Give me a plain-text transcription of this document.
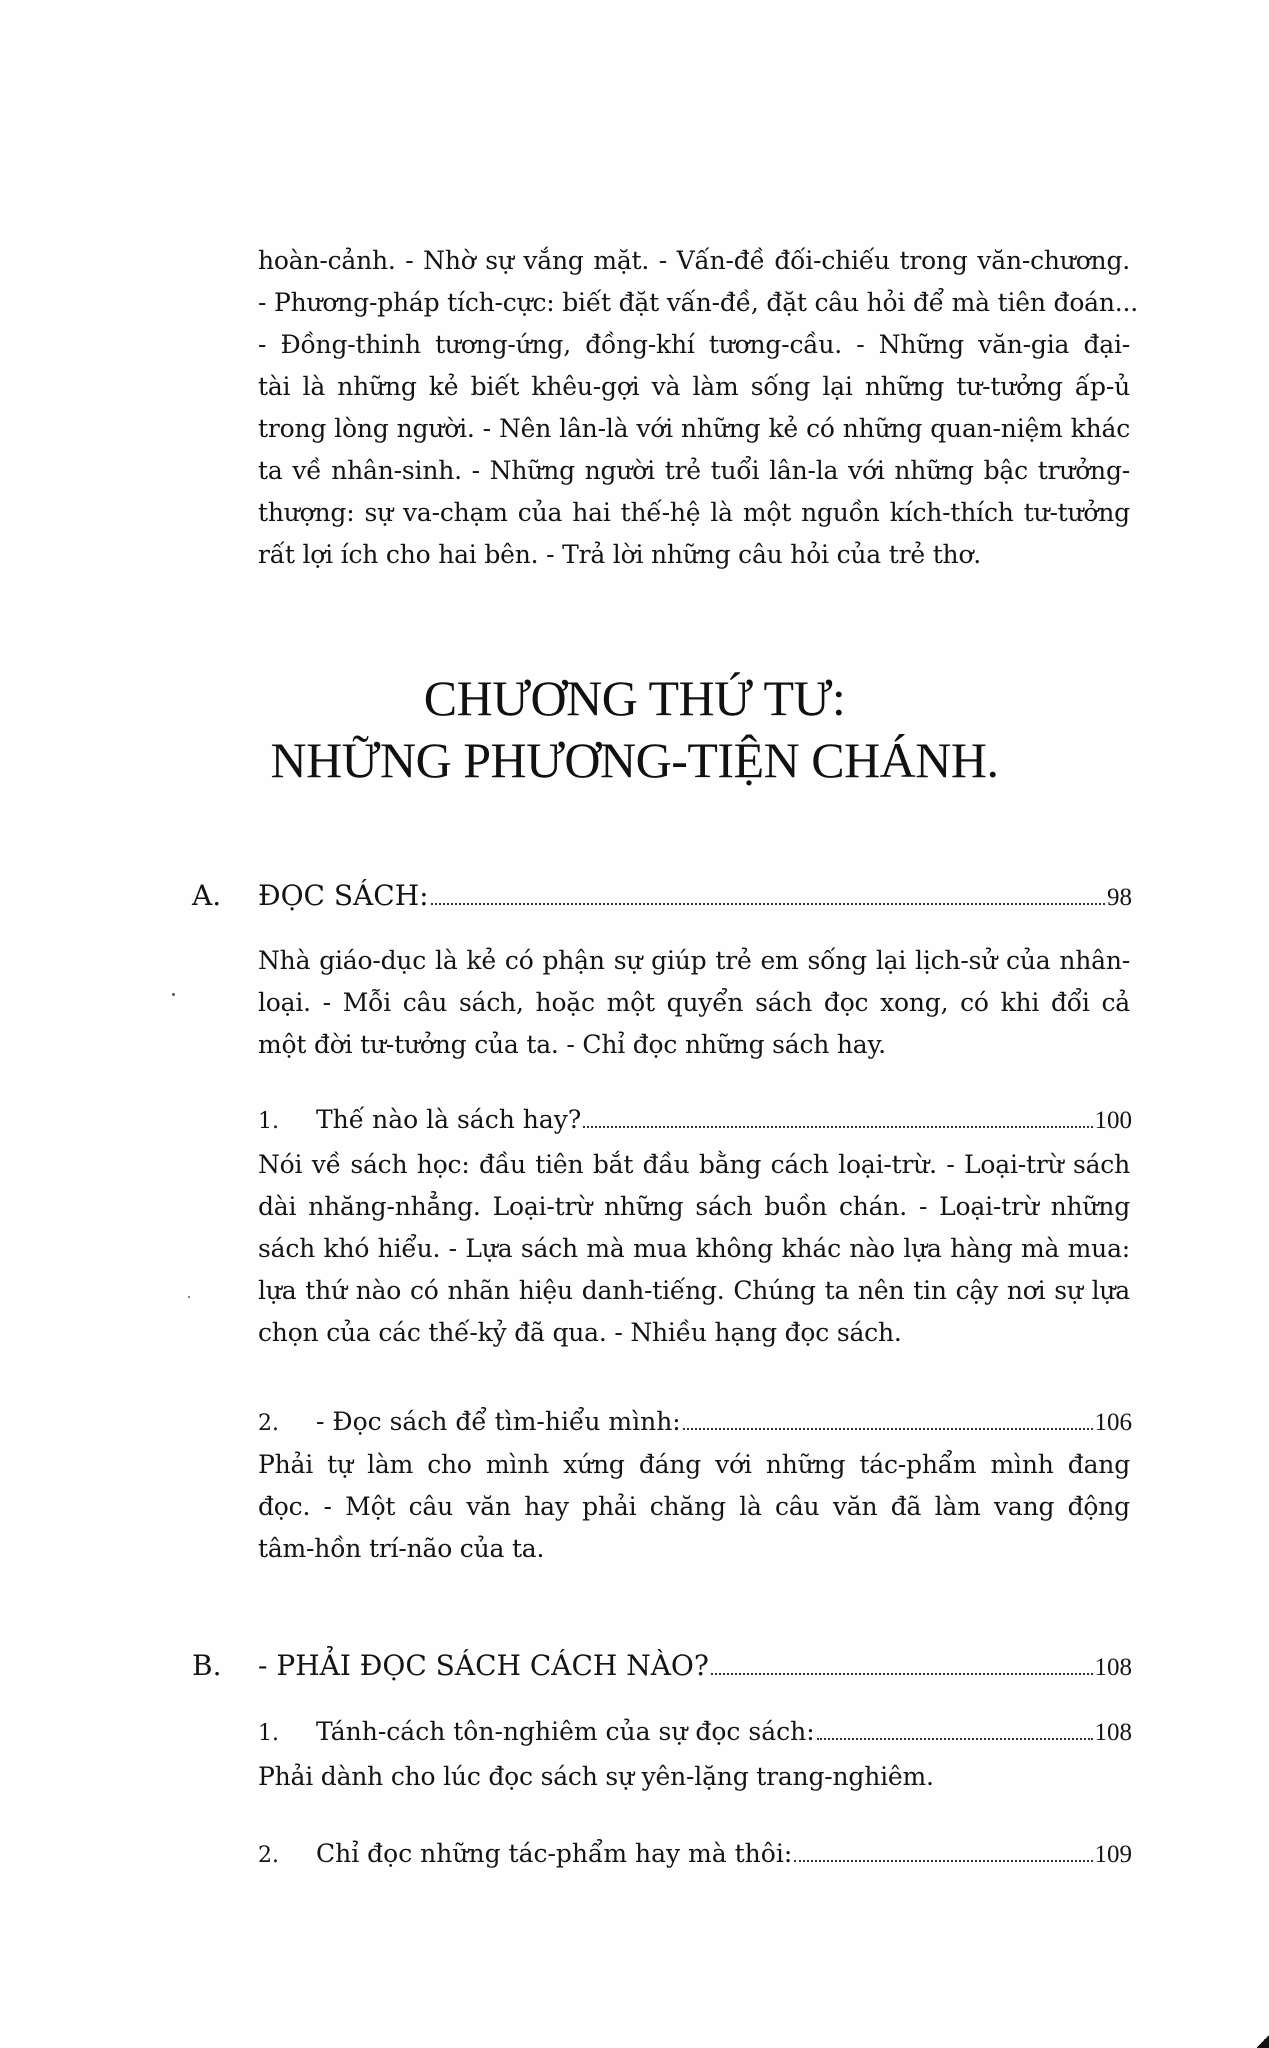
hoàn-cảnh. - Nhờ sự vắng mặt. - Vấn-đề đối-chiếu trong văn-chương.
- Phương-pháp tích-cực: biết đặt vấn-đề, đặt câu hỏi để mà tiên đoán...
- Đồng-thinh tương-ứng, đồng-khí tương-cầu. - Những văn-gia đại-
tài là những kẻ biết khêu-gợi và làm sống lại những tư-tưởng ấp-ủ
trong lòng người. - Nên lân-là với những kẻ có những quan-niệm khác
ta về nhân-sinh. - Những người trẻ tuổi lân-la với những bậc trưởng-
thượng: sự va-chạm của hai thế-hệ là một nguồn kích-thích tư-tưởng
rất lợi ích cho hai bên. - Trả lời những câu hỏi của trẻ thơ.
CHƯƠNG THỨ TƯ:
NHỮNG PHƯƠNG-TIỆN CHÁNH.
A.	ĐỌC SÁCH:	98
Nhà giáo-dục là kẻ có phận sự giúp trẻ em sống lại lịch-sử của nhân-
loại. - Mỗi câu sách, hoặc một quyển sách đọc xong, có khi đổi cả
một đời tư-tưởng của ta. - Chỉ đọc những sách hay.
1.	Thế nào là sách hay?	100
Nói về sách học: đầu tiên bắt đầu bằng cách loại-trừ. - Loại-trừ sách
dài nhăng-nhẳng. Loại-trừ những sách buồn chán. - Loại-trừ những
sách khó hiểu. - Lựa sách mà mua không khác nào lựa hàng mà mua:
lựa thứ nào có nhãn hiệu danh-tiếng. Chúng ta nên tin cậy nơi sự lựa
chọn của các thế-kỷ đã qua. - Nhiều hạng đọc sách.
2.	- Đọc sách để tìm-hiểu mình:	106
Phải tự làm cho mình xứng đáng với những tác-phẩm mình đang
đọc. - Một câu văn hay phải chăng là câu văn đã làm vang động
tâm-hồn trí-não của ta.
B.	- PHẢI ĐỌC SÁCH CÁCH NÀO?	108
1.	Tánh-cách tôn-nghiêm của sự đọc sách:	108
Phải dành cho lúc đọc sách sự yên-lặng trang-nghiêm.
2.	Chỉ đọc những tác-phẩm hay mà thôi:	109
